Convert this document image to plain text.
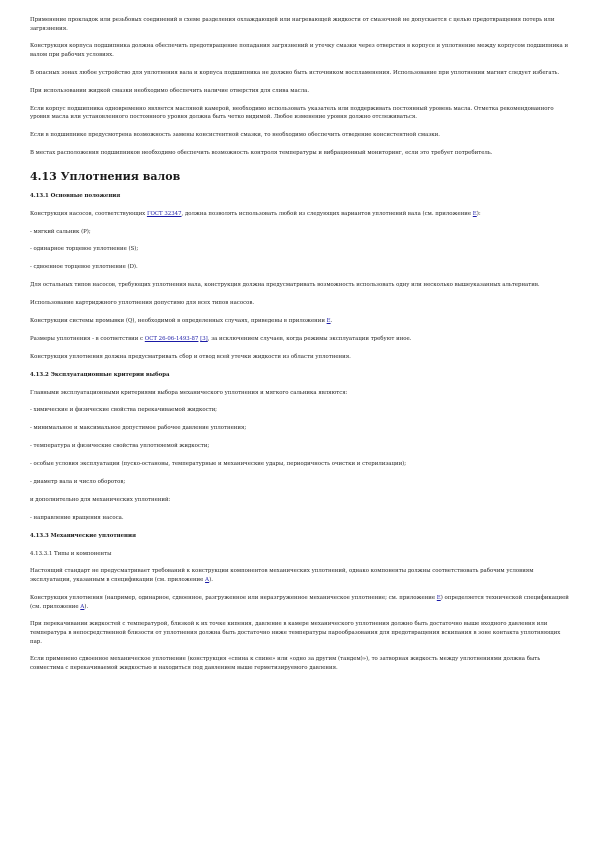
Применение прокладок или резьбовых соединений в схеме разделения охлаждающей или нагревающей жидкости от смазочной не допускается с целью предотвращения потерь или загрязнения.

Конструкция корпуса подшипника должна обеспечить предотвращение попадания загрязнений и утечку смазки через отверстия в корпусе и уплотнение между корпусом подшипника и валом при рабочих условиях.

В опасных зонах любое устройство для уплотнения вала и корпуса подшипника не должно быть источником воспламенения. Использование при уплотнении магнит следует избегать.

При использовании жидкой смазки необходимо обеспечить наличие отверстия для слива масла.

Если корпус подшипника одновременно является масляной камерой, необходимо использовать указатель или поддерживать постоянный уровень масла. Отметка рекомендованного уровня масла или установленного постоянного уровня должна быть четко видимой. Любое изменение уровня должно отслеживаться.

Если в подшипнике предусмотрена возможность замены консистентной смазки, то необходимо обеспечить отведение консистентной смазки.

В местах расположения подшипников необходимо обеспечить возможность контроля температуры и вибрационный мониторинг, если это требует потребитель.

4.13 Уплотнения валов

4.13.1 Основные положения

Конструкция насосов, соответствующих ГОСТ 32347, должна позволять использовать любой из следующих вариантов уплотнений вала (см. приложение Е):

- мягкий сальник (P);

- одинарное торцевое уплотнение (S);

- сдвоенное торцевое уплотнение (D).

Для остальных типов насосов, требующих уплотнения вала, конструкция должна предусматривать возможность использовать одну или несколько вышеуказанных альтернатив.

Использование картриджного уплотнения допустимо для всех типов насосов.

Конструкции системы промывки (Q), необходимой в определенных случаях, приведены в приложении Е.

Размеры уплотнения - в соответствии с ОСТ 26-06-1493-87 [3], за исключением случаев, когда режимы эксплуатации требуют иное.

Конструкция уплотнения должна предусматривать сбор и отвод всей утечки жидкости из области уплотнения.

4.13.2 Эксплуатационные критерии выбора

Главными эксплуатационными критериями выбора механического уплотнения и мягкого сальника являются:

- химические и физические свойства перекачиваемой жидкости;

- минимальное и максимальное допустимое рабочее давление уплотнения;

- температура и физические свойства уплотняемой жидкости;

- особые условия эксплуатации (пуско-остановы, температурные и механические удары, периодичность очистки и стерилизации);

- диаметр вала и число оборотов;

и дополнительно для механических уплотнений:

- направление вращения насоса.

4.13.3 Механические уплотнения

4.13.3.1 Типы и компоненты

Настоящий стандарт не предусматривает требований к конструкции компонентов механических уплотнений, однако компоненты должны соответствовать рабочим условиям эксплуатации, указанным в спецификации (см. приложение А).

Конструкция уплотнения (например, одинарное, сдвоенное, разгруженное или неразгруженное механическое уплотнение; см. приложение Е) определяется технической спецификацией (см. приложение А).

При перекачивании жидкостей с температурой, близкой к их точке кипения, давление в камере механического уплотнения должно быть достаточно выше входного давления или температура в непосредственной близости от уплотнения должна быть достаточно ниже температуры парообразования для предотвращения вскипания в зоне контакта уплотняющих пар.

Если применено сдвоенное механическое уплотнение (конструкция «спина к спине» или «одно за другим (тандем)»), то затворная жидкость между уплотнениями должна быть совместима с перекачиваемой жидкостью и находиться под давлением выше герметизируемого давления.
